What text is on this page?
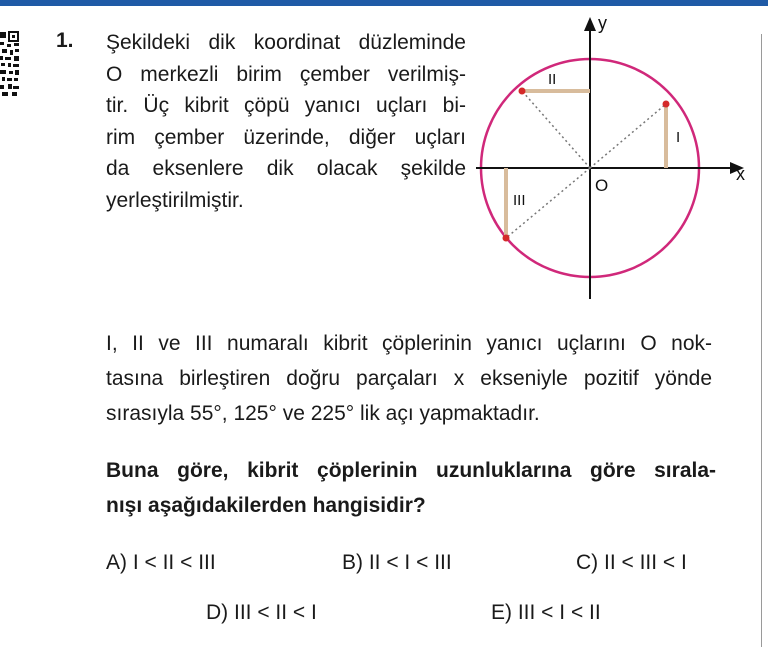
1. Şekildeki dik koordinat düzleminde
O merkezli birim çember verilmiş-
tir. Üç kibrit çöpü yanıcı uçları bi-
rim çember üzerinde, diğer uçları
da eksenlere dik olacak şekilde
yerleştirilmiştir.
I
II
III
O
x
y
I, II ve III numaralı kibrit çöplerinin yanıcı uçlarını O nok-
tasına birleştiren doğru parçaları x ekseniyle pozitif yönde
sırasıyla 55°, 125° ve 225° lik açı yapmaktadır.
Buna göre, kibrit çöplerinin uzunluklarına göre sırala-
nışı aşağıdakilerden hangisidir?
A) I < II < III	B) II < I < III	C) II < III < I
D) III < II < I	E) III < I < II
